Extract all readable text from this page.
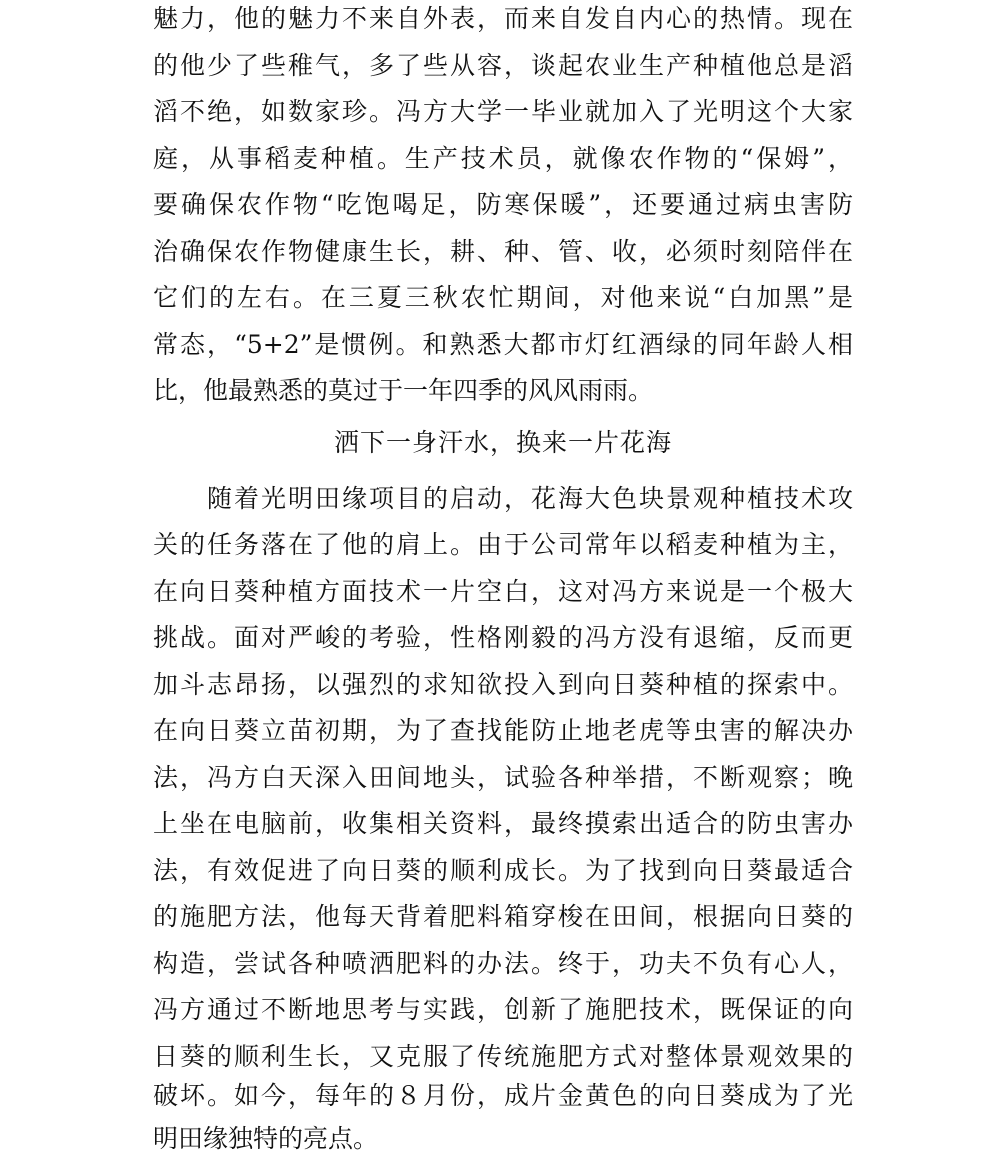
魅力，他的魅力不来自外表，而来自发自内心的热情。现在
的他少了些稚气，多了些从容，谈起农业生产种植他总是滔
滔不绝，如数家珍。冯方大学一毕业就加入了光明这个大家
庭，从事稻麦种植。生产技术员，就像农作物的“保姆”，
要确保农作物“吃饱喝足，防寒保暖”，还要通过病虫害防
治确保农作物健康生长，耕、种、管、收，必须时刻陪伴在
它们的左右。在三夏三秋农忙期间，对他来说“白加黑”是
常态，“5+2”是惯例。和熟悉大都市灯红酒绿的同年龄人相
比，他最熟悉的莫过于一年四季的风风雨雨。
洒下一身汗水，换来一片花海
　　随着光明田缘项目的启动，花海大色块景观种植技术攻
关的任务落在了他的肩上。由于公司常年以稻麦种植为主，
在向日葵种植方面技术一片空白，这对冯方来说是一个极大
挑战。面对严峻的考验，性格刚毅的冯方没有退缩，反而更
加斗志昂扬，以强烈的求知欲投入到向日葵种植的探索中。
在向日葵立苗初期，为了查找能防止地老虎等虫害的解决办
法，冯方白天深入田间地头，试验各种举措，不断观察；晚
上坐在电脑前，收集相关资料，最终摸索出适合的防虫害办
法，有效促进了向日葵的顺利成长。为了找到向日葵最适合
的施肥方法，他每天背着肥料箱穿梭在田间，根据向日葵的
构造，尝试各种喷洒肥料的办法。终于，功夫不负有心人，
冯方通过不断地思考与实践，创新了施肥技术，既保证的向
日葵的顺利生长，又克服了传统施肥方式对整体景观效果的
破坏。如今，每年的８月份，成片金黄色的向日葵成为了光
明田缘独特的亮点。
